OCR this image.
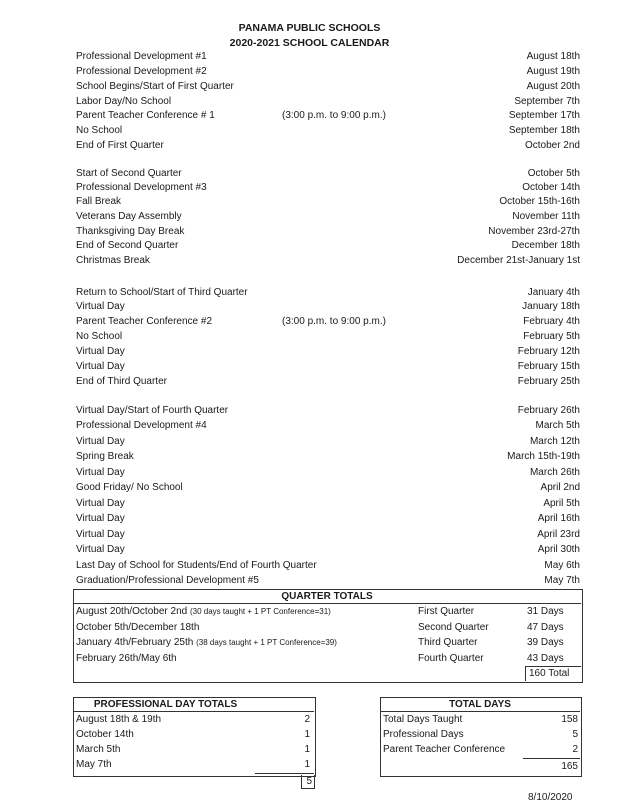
PANAMA PUBLIC SCHOOLS
2020-2021 SCHOOL CALENDAR
Professional Development #1	August 18th
Professional Development #2	August 19th
School Begins/Start of First Quarter	August 20th
Labor Day/No School	September 7th
Parent Teacher Conference # 1	(3:00 p.m. to 9:00 p.m.)	September 17th
No School	September 18th
End of First Quarter	October 2nd
Start of Second Quarter	October 5th
Professional Development #3	October 14th
Fall Break	October 15th-16th
Veterans Day Assembly	November 11th
Thanksgiving Day Break	November 23rd-27th
End of Second Quarter	December 18th
Christmas Break	December 21st-January 1st
Return to School/Start of Third Quarter	January 4th
Virtual Day	January 18th
Parent Teacher Conference #2	(3:00 p.m. to 9:00 p.m.)	February 4th
No School	February 5th
Virtual Day	February 12th
Virtual Day	February 15th
End of Third Quarter	February 25th
Virtual Day/Start of Fourth Quarter	February 26th
Professional Development #4	March 5th
Virtual Day	March 12th
Spring Break	March 15th-19th
Virtual Day	March 26th
Good Friday/ No School	April 2nd
Virtual Day	April 5th
Virtual Day	April 16th
Virtual Day	April 23rd
Virtual Day	April 30th
Last Day of School for Students/End of Fourth Quarter	May 6th
Graduation/Professional Development #5	May 7th
QUARTER TOTALS
August 20th/October 2nd (30 days taught + 1 PT Conference=31)	First Quarter	31 Days
October 5th/December 18th	Second Quarter	47 Days
January 4th/February 25th (38 days taught + 1 PT Conference=39)	Third Quarter	39 Days
February 26th/May 6th	Fourth Quarter	43 Days
160 Total
PROFESSIONAL DAY TOTALS
August 18th & 19th	2
October 14th	1
March 5th	1
May 7th	1
5
TOTAL DAYS
Total Days Taught	158
Professional Days	5
Parent Teacher Conference	2
165
8/10/2020
